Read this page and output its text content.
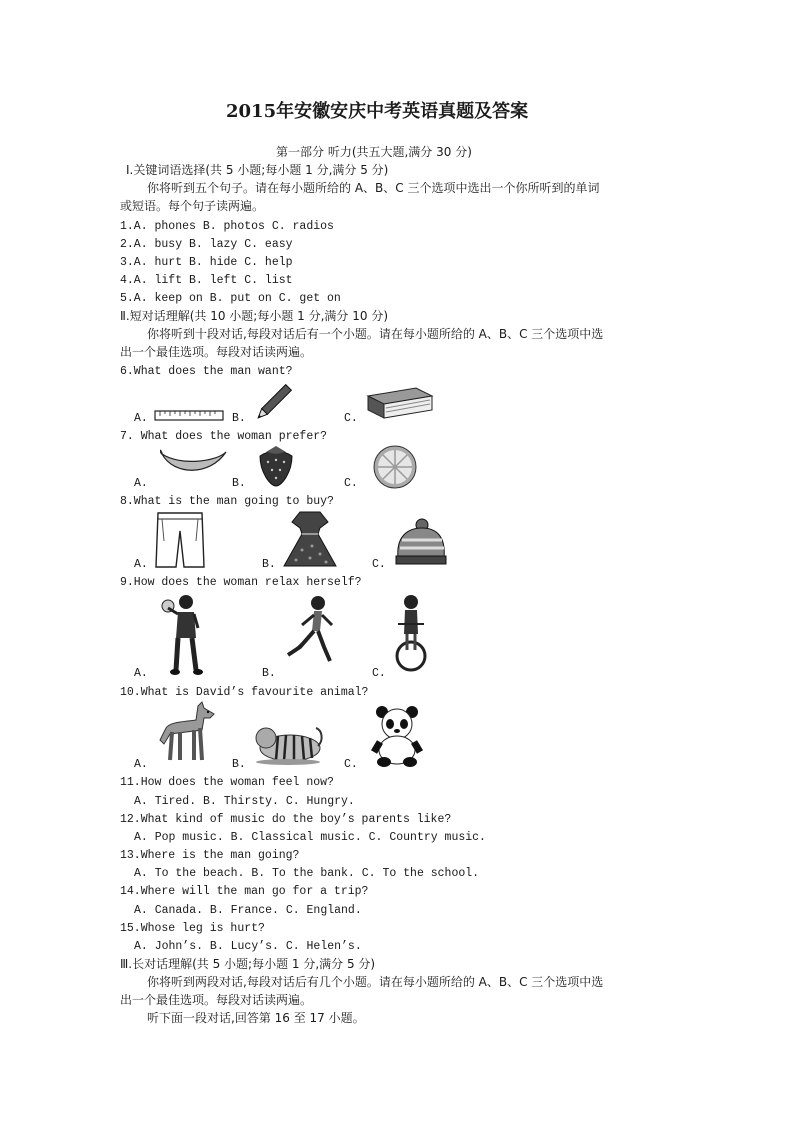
2015年安徽安庆中考英语真题及答案
第一部分 听力(共五大题,满分 30 分)
Ⅰ.关键词语选择(共 5 小题;每小题 1 分,满分 5 分)
你将听到五个句子。请在每小题所给的 A、B、C 三个选项中选出一个你所听到的单词
或短语。每个句子读两遍。
1.A. phones B. photos C. radios
2.A. busy B. lazy C. easy
3.A. hurt B. hide C. help
4.A. lift B. left C. list
5.A. keep on B. put on C. get on
Ⅱ.短对话理解(共 10 小题;每小题 1 分,满分 10 分)
你将听到十段对话,每段对话后有一个小题。请在每小题所给的 A、B、C 三个选项中选
出一个最佳选项。每段对话读两遍。
6.What does the man want?
A.	B.	C.
7. What does the woman prefer?
A.	B.	C.
8.What is the man going to buy?
A.	B.	C.
9.How does the woman relax herself?
A.	B.	C.
10.What is David’s favourite animal?
A.	B.	C.
11.How does the woman feel now?
A. Tired. B. Thirsty. C. Hungry.
12.What kind of music do the boy’s parents like?
A. Pop music. B. Classical music. C. Country music.
13.Where is the man going?
A. To the beach. B. To the bank. C. To the school.
14.Where will the man go for a trip?
A. Canada. B. France. C. England.
15.Whose leg is hurt?
A. John’s. B. Lucy’s. C. Helen’s.
Ⅲ.长对话理解(共 5 小题;每小题 1 分,满分 5 分)
你将听到两段对话,每段对话后有几个小题。请在每小题所给的 A、B、C 三个选项中选
出一个最佳选项。每段对话读两遍。
听下面一段对话,回答第 16 至 17 小题。
